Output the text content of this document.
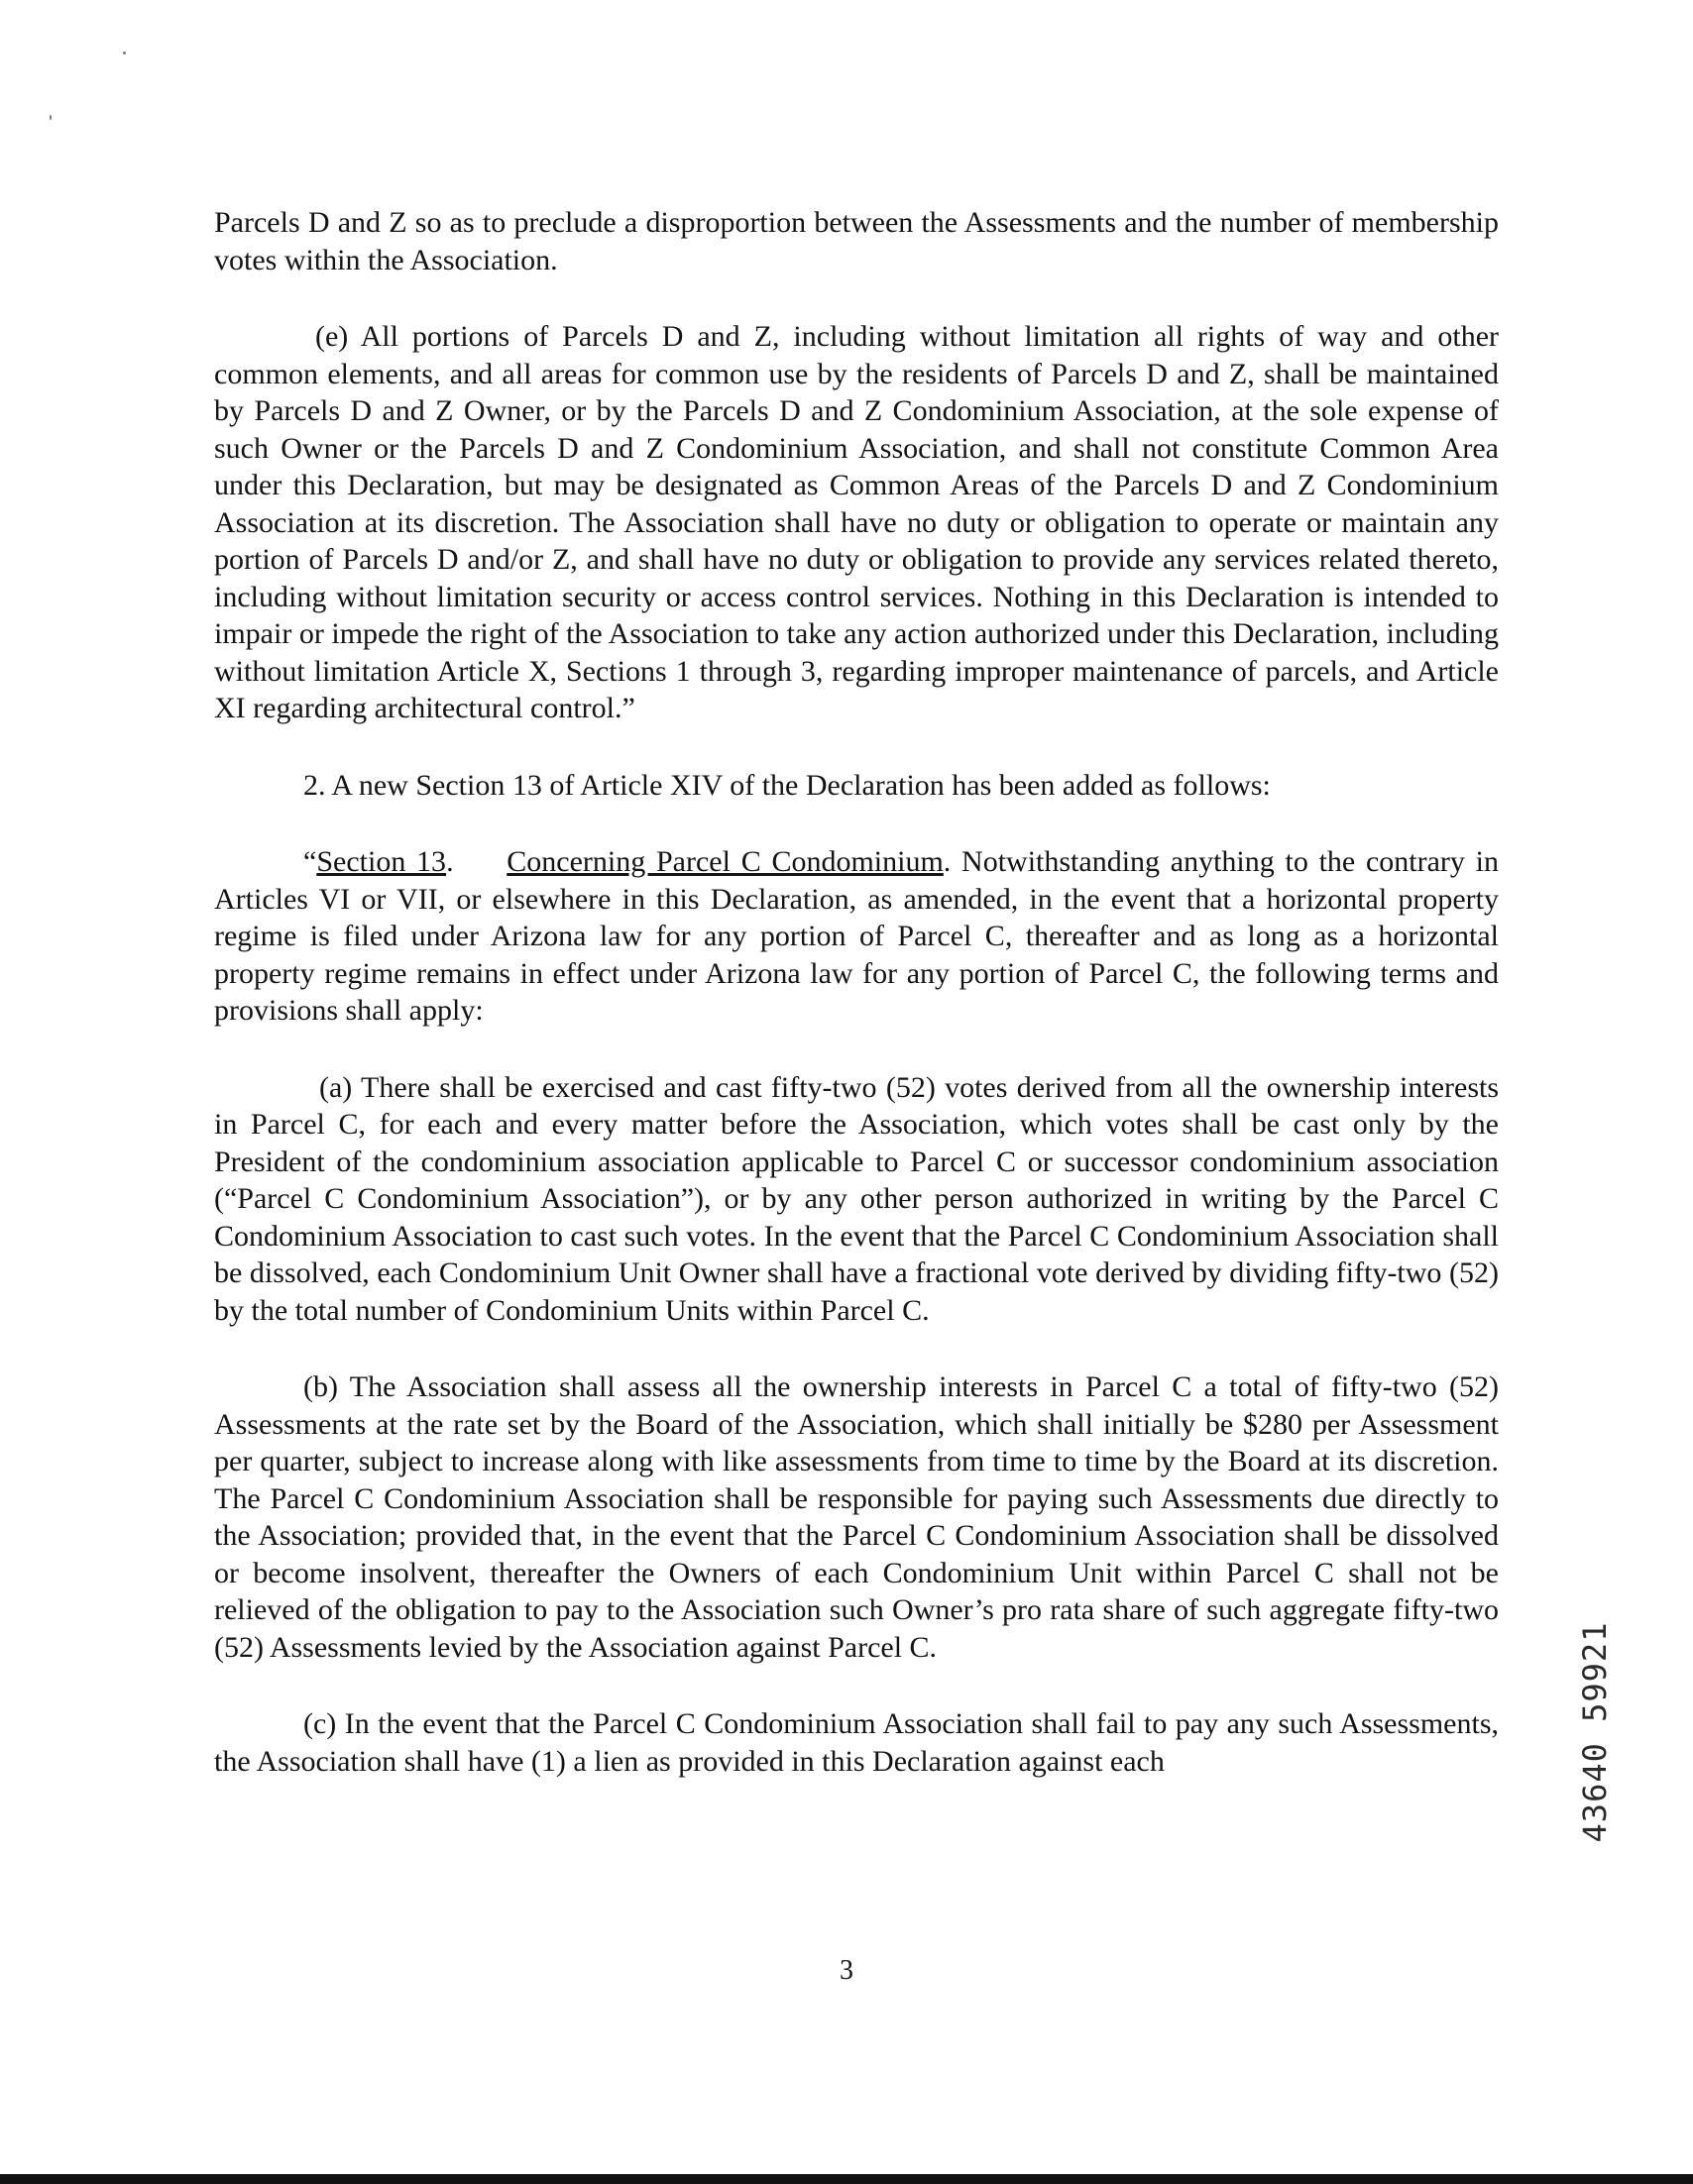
Parcels D and Z so as to preclude a disproportion between the Assessments and the number of membership votes within the Association.

(e) All portions of Parcels D and Z, including without limitation all rights of way and other common elements, and all areas for common use by the residents of Parcels D and Z, shall be maintained by Parcels D and Z Owner, or by the Parcels D and Z Condominium Association, at the sole expense of such Owner or the Parcels D and Z Condominium Association, and shall not constitute Common Area under this Declaration, but may be designated as Common Areas of the Parcels D and Z Condominium Association at its discretion. The Association shall have no duty or obligation to operate or maintain any portion of Parcels D and/or Z, and shall have no duty or obligation to provide any services related thereto, including without limitation security or access control services. Nothing in this Declaration is intended to impair or impede the right of the Association to take any action authorized under this Declaration, including without limitation Article X, Sections 1 through 3, regarding improper maintenance of parcels, and Article XI regarding architectural control.”

2. A new Section 13 of Article XIV of the Declaration has been added as follows:

“Section 13. Concerning Parcel C Condominium. Notwithstanding anything to the contrary in Articles VI or VII, or elsewhere in this Declaration, as amended, in the event that a horizontal property regime is filed under Arizona law for any portion of Parcel C, thereafter and as long as a horizontal property regime remains in effect under Arizona law for any portion of Parcel C, the following terms and provisions shall apply:

(a) There shall be exercised and cast fifty-two (52) votes derived from all the ownership interests in Parcel C, for each and every matter before the Association, which votes shall be cast only by the President of the condominium association applicable to Parcel C or successor condominium association (“Parcel C Condominium Association”), or by any other person authorized in writing by the Parcel C Condominium Association to cast such votes. In the event that the Parcel C Condominium Association shall be dissolved, each Condominium Unit Owner shall have a fractional vote derived by dividing fifty-two (52) by the total number of Condominium Units within Parcel C.

(b) The Association shall assess all the ownership interests in Parcel C a total of fifty-two (52) Assessments at the rate set by the Board of the Association, which shall initially be $280 per Assessment per quarter, subject to increase along with like assessments from time to time by the Board at its discretion. The Parcel C Condominium Association shall be responsible for paying such Assessments due directly to the Association; provided that, in the event that the Parcel C Condominium Association shall be dissolved or become insolvent, thereafter the Owners of each Condominium Unit within Parcel C shall not be relieved of the obligation to pay to the Association such Owner’s pro rata share of such aggregate fifty-two (52) Assessments levied by the Association against Parcel C.

(c) In the event that the Parcel C Condominium Association shall fail to pay any such Assessments, the Association shall have (1) a lien as provided in this Declaration against each

3
43640 59921
